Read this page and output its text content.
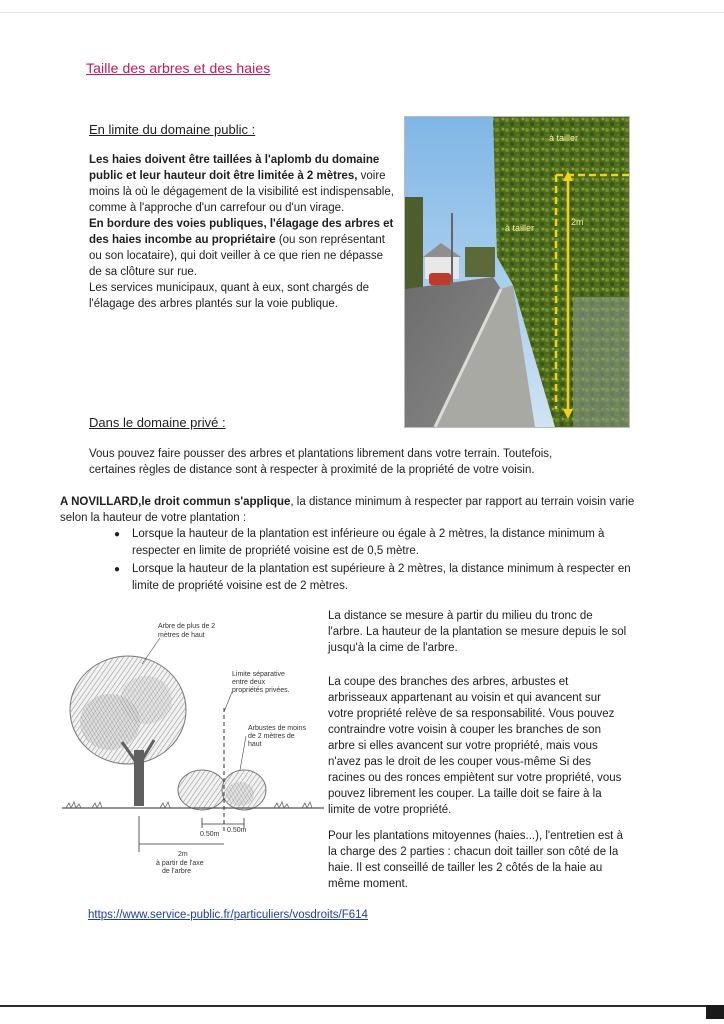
Taille des arbres et des haies
En limite du domaine public :
Les haies doivent être taillées à l'aplomb du domaine public et leur hauteur doit être limitée à 2 mètres, voire moins là où le dégagement de la visibilité est indispensable, comme à l'approche d'un carrefour ou d'un virage.
En bordure des voies publiques, l'élagage des arbres et des haies incombe au propriétaire (ou son représentant ou son locataire), qui doit veiller à ce que rien ne dépasse de sa clôture sur rue.
Les services municipaux, quant à eux, sont chargés de l'élagage des arbres plantés sur la voie publique.
à tailler
à tailler
2m
Dans le domaine privé :
Vous pouvez faire pousser des arbres et plantations librement dans votre terrain. Toutefois, certaines règles de distance sont à respecter à proximité de la propriété de votre voisin.
A NOVILLARD,le droit commun s'applique, la distance minimum à respecter par rapport au terrain voisin varie selon la hauteur de votre plantation :
● Lorsque la hauteur de la plantation est inférieure ou égale à 2 mètres, la distance minimum à respecter en limite de propriété voisine est de 0,5 mètre.
● Lorsque la hauteur de la plantation est supérieure à 2 mètres, la distance minimum à respecter en limite de propriété voisine est de 2 mètres.
Arbre de plus de 2
mètres de haut
Limite séparative
entre deux
propriétés privées.
Arbustes de moins
de 2 mètres de
haut
0.50m
0.50m
2m
à partir de l'axe
de l'arbre
La distance se mesure à partir du milieu du tronc de l'arbre. La hauteur de la plantation se mesure depuis le sol jusqu'à la cime de l'arbre.
La coupe des branches des arbres, arbustes et arbrisseaux appartenant au voisin et qui avancent sur votre propriété relève de sa responsabilité. Vous pouvez contraindre votre voisin à couper les branches de son arbre si elles avancent sur votre propriété, mais vous n'avez pas le droit de les couper vous-même Si des racines ou des ronces empiètent sur votre propriété, vous pouvez librement les couper. La taille doit se faire à la limite de votre propriété.
Pour les plantations mitoyennes (haies...), l'entretien est à la charge des 2 parties : chacun doit tailler son côté de la haie. Il est conseillé de tailler les 2 côtés de la haie au même moment.
https://www.service-public.fr/particuliers/vosdroits/F614
